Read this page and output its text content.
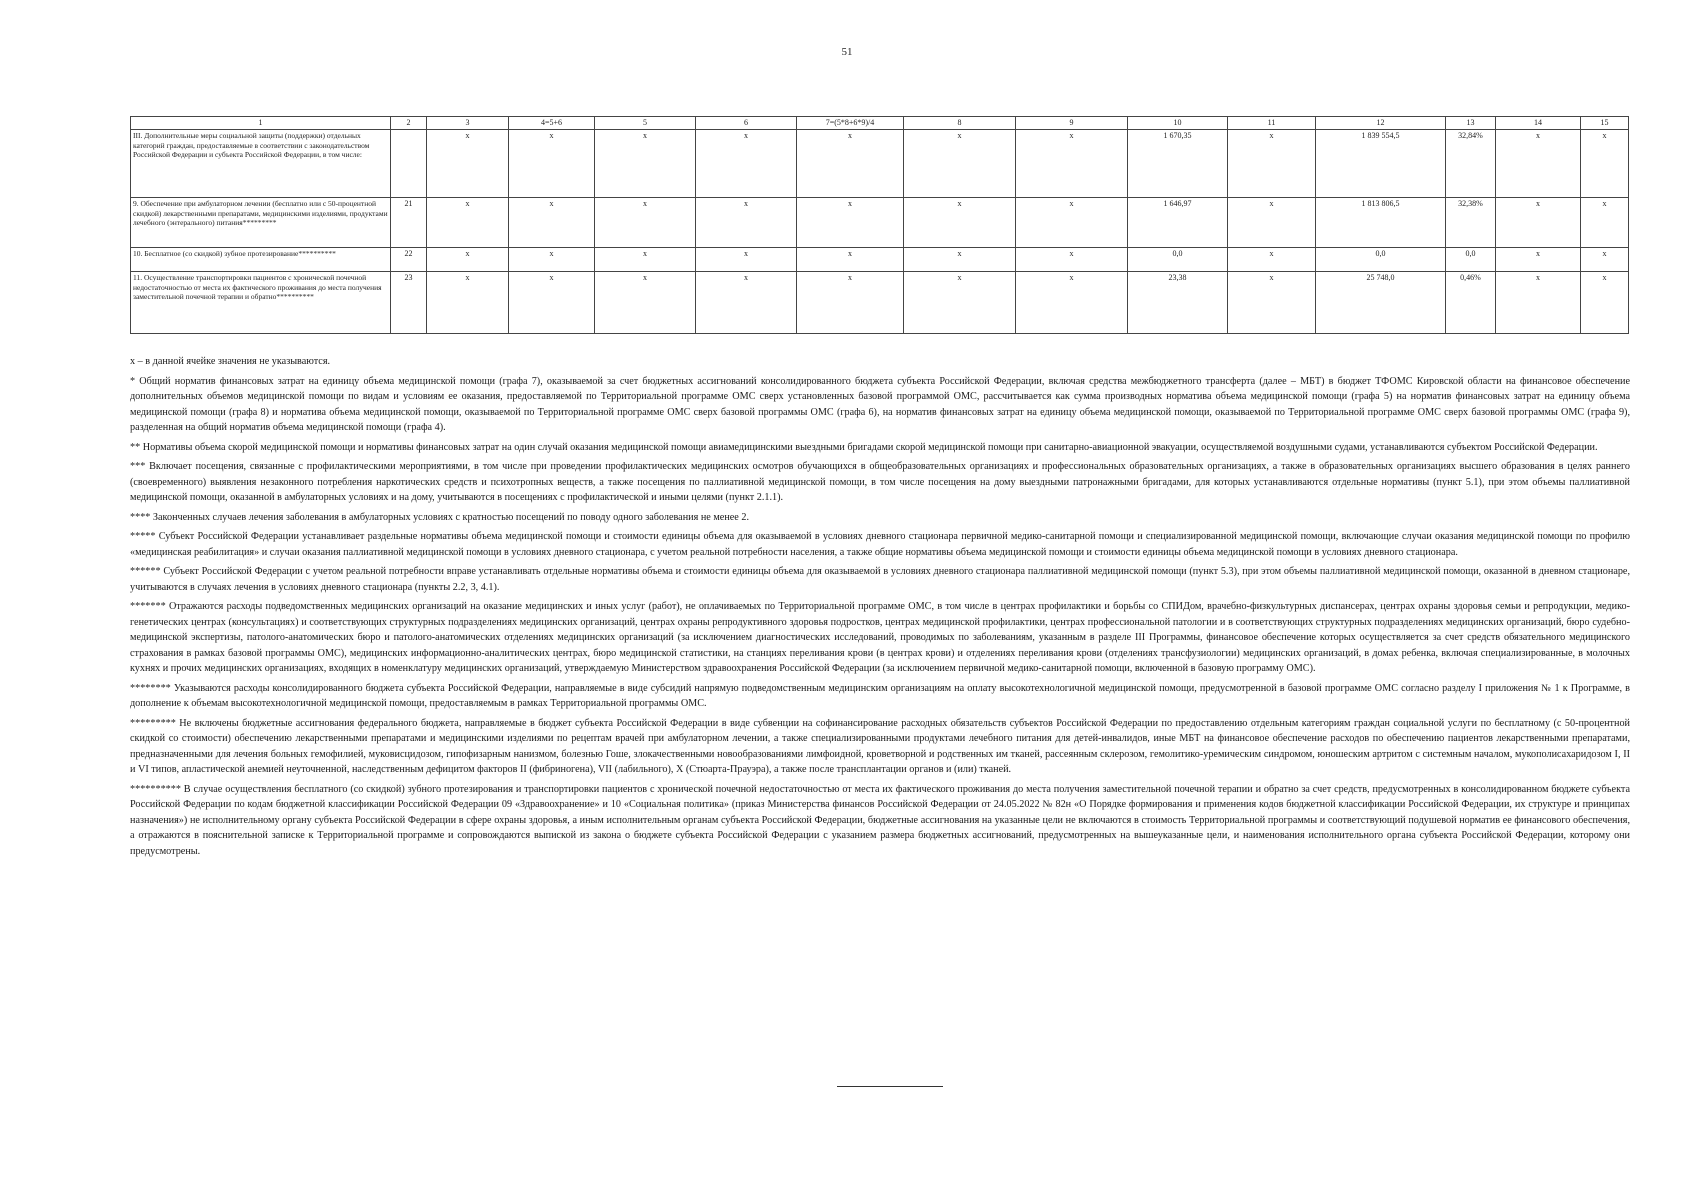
51
1	2	3	4=5+6	5	6	7=(5*8+6*9)/4	8	9	10	11	12	13	14	15
III. Дополнительные меры социальной защиты (поддержки) отдельных категорий граждан, предоставляемые в соответствии с законодательством Российской Федерации и субъекта Российской Федерации, в том числе:		х	х	х	х	х	х	х	1 670,35	х	1 839 554,5	32,84%	х	х
9. Обеспечение при амбулаторном лечении (бесплатно или с 50-процентной скидкой) лекарственными препаратами, медицинскими изделиями, продуктами лечебного (энтерального) питания*********	21	х	х	х	х	х	х	х	1 646,97	х	1 813 806,5	32,38%	х	х
10. Бесплатное (со скидкой) зубное протезирование**********	22	х	х	х	х	х	х	х	0,0	х	0,0	0,0	х	х
11. Осуществление транспортировки пациентов с хронической почечной недостаточностью от места их фактического проживания до места получения заместительной почечной терапии и обратно**********	23	х	х	х	х	х	х	х	23,38	х	25 748,0	0,46%	х	х

х – в данной ячейке значения не указываются.

* Общий норматив финансовых затрат на единицу объема медицинской помощи (графа 7), оказываемой за счет бюджетных ассигнований консолидированного бюджета субъекта Российской Федерации, включая средства межбюджетного трансферта (далее – МБТ) в бюджет ТФОМС Кировской области на финансовое обеспечение дополнительных объемов медицинской помощи по видам и условиям ее оказания, предоставляемой по Территориальной программе ОМС сверх установленных базовой программой ОМС, рассчитывается как сумма производных норматива объема медицинской помощи (графа 5) на норматив финансовых затрат на единицу объема медицинской помощи (графа 8) и норматива объема медицинской помощи, оказываемой по Территориальной программе ОМС сверх базовой программы ОМС (графа 6), на норматив финансовых затрат на единицу объема медицинской помощи, оказываемой по Территориальной программе ОМС сверх базовой программы ОМС (графа 9), разделенная на общий норматив объема медицинской помощи (графа 4).

** Нормативы объема скорой медицинской помощи и нормативы финансовых затрат на один случай оказания медицинской помощи авиамедицинскими выездными бригадами скорой медицинской помощи при санитарно-авиационной эвакуации, осуществляемой воздушными судами, устанавливаются субъектом Российской Федерации.

*** Включает посещения, связанные с профилактическими мероприятиями, в том числе при проведении профилактических медицинских осмотров обучающихся в общеобразовательных организациях и профессиональных образовательных организациях, а также в образовательных организациях высшего образования в целях раннего (своевременного) выявления незаконного потребления наркотических средств и психотропных веществ, а также посещения по паллиативной медицинской помощи, в том числе посещения на дому выездными патронажными бригадами, для которых устанавливаются отдельные нормативы (пункт 5.1), при этом объемы паллиативной медицинской помощи, оказанной в амбулаторных условиях и на дому, учитываются в посещениях с профилактической и иными целями (пункт 2.1.1).

**** Законченных случаев лечения заболевания в амбулаторных условиях с кратностью посещений по поводу одного заболевания не менее 2.

***** Субъект Российской Федерации устанавливает раздельные нормативы объема медицинской помощи и стоимости единицы объема для оказываемой в условиях дневного стационара первичной медико-санитарной помощи и специализированной медицинской помощи, включающие случаи оказания медицинской помощи по профилю «медицинская реабилитация» и случаи оказания паллиативной медицинской помощи в условиях дневного стационара, с учетом реальной потребности населения, а также общие нормативы объема медицинской помощи и стоимости единицы объема медицинской помощи в условиях дневного стационара.

****** Субъект Российской Федерации с учетом реальной потребности вправе устанавливать отдельные нормативы объема и стоимости единицы объема для оказываемой в условиях дневного стационара паллиативной медицинской помощи (пункт 5.3), при этом объемы паллиативной медицинской помощи, оказанной в дневном стационаре, учитываются в случаях лечения в условиях дневного стационара (пункты 2.2, 3, 4.1).

******* Отражаются расходы подведомственных медицинских организаций на оказание медицинских и иных услуг (работ), не оплачиваемых по Территориальной программе ОМС, в том числе в центрах профилактики и борьбы со СПИДом, врачебно-физкультурных диспансерах, центрах охраны здоровья семьи и репродукции, медико-генетических центрах (консультациях) и соответствующих структурных подразделениях медицинских организаций, центрах охраны репродуктивного здоровья подростков, центрах медицинской профилактики, центрах профессиональной патологии и в соответствующих структурных подразделениях медицинских организаций, бюро судебно-медицинской экспертизы, патолого-анатомических бюро и патолого-анатомических отделениях медицинских организаций (за исключением диагностических исследований, проводимых по заболеваниям, указанным в разделе III Программы, финансовое обеспечение которых осуществляется за счет средств обязательного медицинского страхования в рамках базовой программы ОМС), медицинских информационно-аналитических центрах, бюро медицинской статистики, на станциях переливания крови (в центрах крови) и отделениях переливания крови (отделениях трансфузиологии) медицинских организаций, в домах ребенка, включая специализированные, в молочных кухнях и прочих медицинских организациях, входящих в номенклатуру медицинских организаций, утверждаемую Министерством здравоохранения Российской Федерации (за исключением первичной медико-санитарной помощи, включенной в базовую программу ОМС).

******** Указываются расходы консолидированного бюджета субъекта Российской Федерации, направляемые в виде субсидий напрямую подведомственным медицинским организациям на оплату высокотехнологичной медицинской помощи, предусмотренной в базовой программе ОМС согласно разделу I приложения № 1 к Программе, в дополнение к объемам высокотехнологичной медицинской помощи, предоставляемым в рамках Территориальной программы ОМС.

********* Не включены бюджетные ассигнования федерального бюджета, направляемые в бюджет субъекта Российской Федерации в виде субвенции на софинансирование расходных обязательств субъектов Российской Федерации по предоставлению отдельным категориям граждан социальной услуги по бесплатному (с 50-процентной скидкой со стоимости) обеспечению лекарственными препаратами и медицинскими изделиями по рецептам врачей при амбулаторном лечении, а также специализированными продуктами лечебного питания для детей-инвалидов, иные МБТ на финансовое обеспечение расходов по обеспечению пациентов лекарственными препаратами, предназначенными для лечения больных гемофилией, муковисцидозом, гипофизарным нанизмом, болезнью Гоше, злокачественными новообразованиями лимфоидной, кроветворной и родственных им тканей, рассеянным склерозом, гемолитико-уремическим синдромом, юношеским артритом с системным началом, мукополисахаридозом I, II и VI типов, апластической анемией неуточненной, наследственным дефицитом факторов II (фибриногена), VII (лабильного), X (Стюарта-Прауэра), а также после трансплантации органов и (или) тканей.

********** В случае осуществления бесплатного (со скидкой) зубного протезирования и транспортировки пациентов с хронической почечной недостаточностью от места их фактического проживания до места получения заместительной почечной терапии и обратно за счет средств, предусмотренных в консолидированном бюджете субъекта Российской Федерации по кодам бюджетной классификации Российской Федерации 09 «Здравоохранение» и 10 «Социальная политика» (приказ Министерства финансов Российской Федерации от 24.05.2022 № 82н «О Порядке формирования и применения кодов бюджетной классификации Российской Федерации, их структуре и принципах назначения») не исполнительному органу субъекта Российской Федерации в сфере охраны здоровья, а иным исполнительным органам субъекта Российской Федерации, бюджетные ассигнования на указанные цели не включаются в стоимость Территориальной программы и соответствующий подушевой норматив ее финансового обеспечения, а отражаются в пояснительной записке к Территориальной программе и сопровождаются выпиской из закона о бюджете субъекта Российской Федерации с указанием размера бюджетных ассигнований, предусмотренных на вышеуказанные цели, и наименования исполнительного органа субъекта Российской Федерации, которому они предусмотрены.
